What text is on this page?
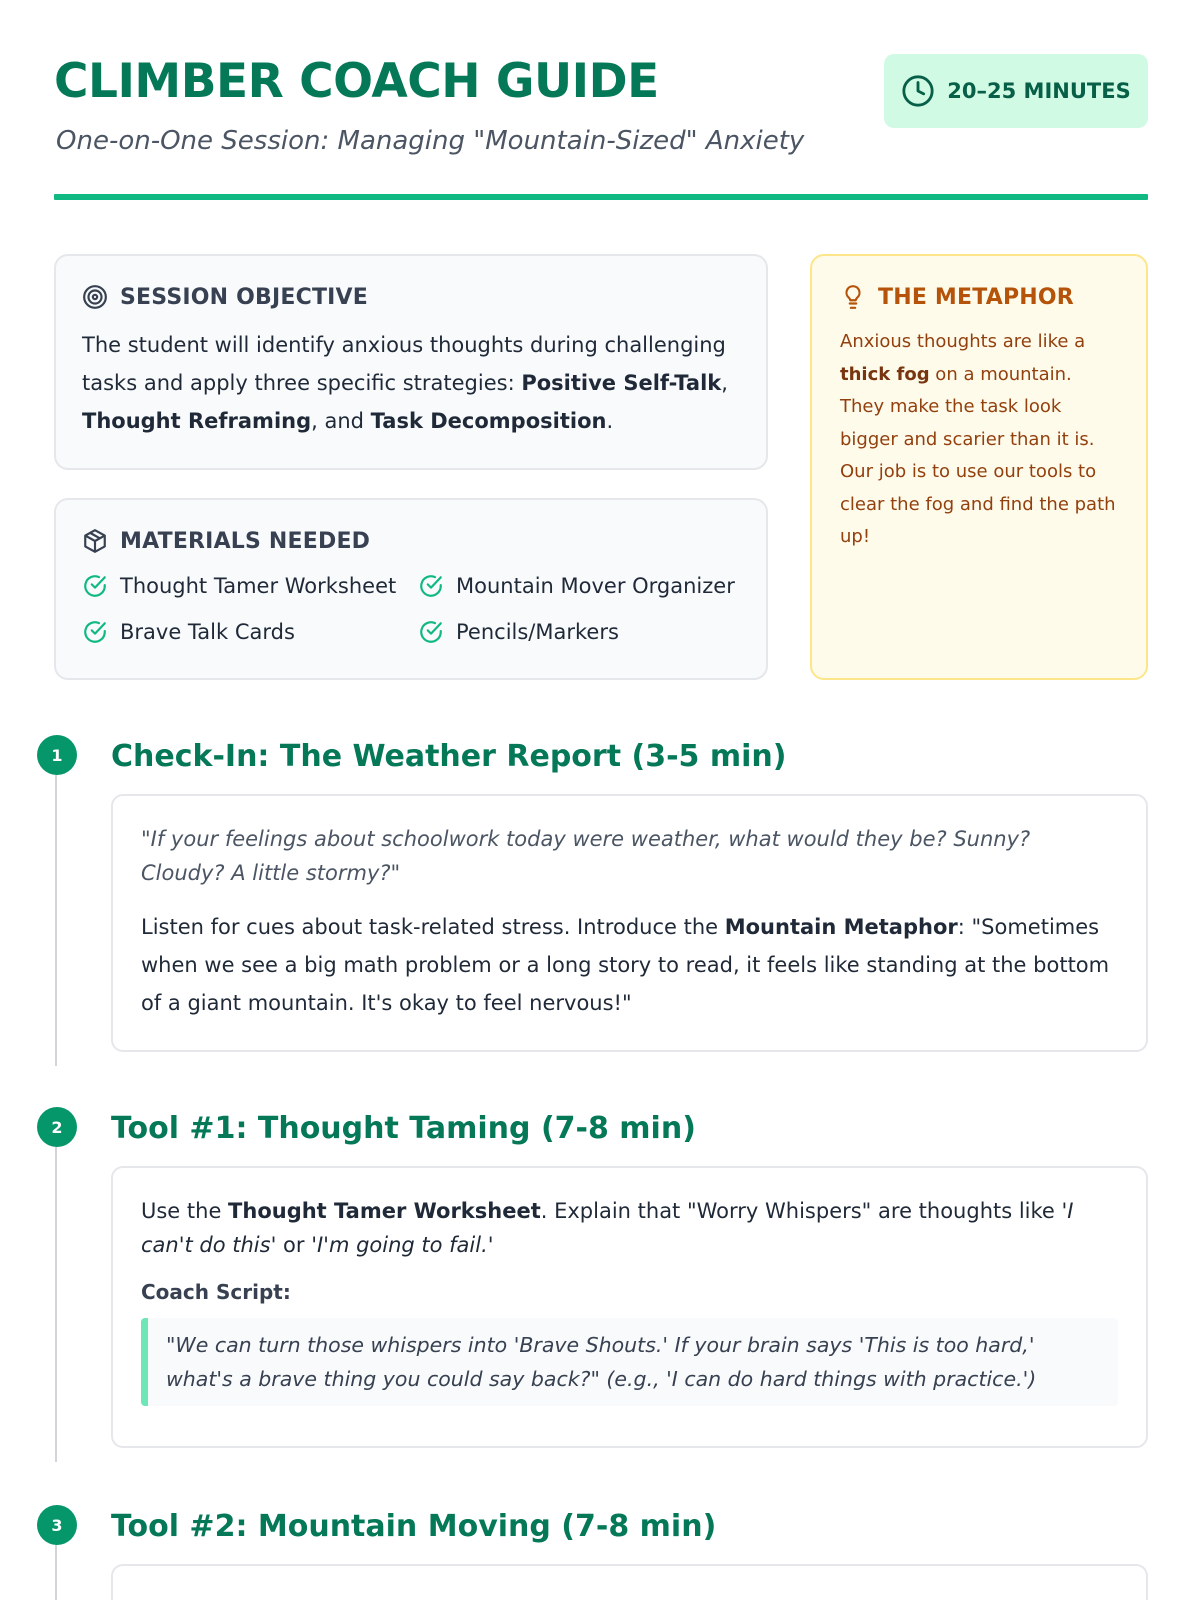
CLIMBER COACH GUIDE
One-on-One Session: Managing "Mountain-Sized" Anxiety
20–25 MINUTES
SESSION OBJECTIVE
The student will identify anxious thoughts during challenging tasks and apply three specific strategies: Positive Self-Talk, Thought Reframing, and Task Decomposition.
MATERIALS NEEDED
Thought Tamer Worksheet	Mountain Mover Organizer
Brave Talk Cards	Pencils/Markers
THE METAPHOR
Anxious thoughts are like a thick fog on a mountain. They make the task look bigger and scarier than it is. Our job is to use our tools to clear the fog and find the path up!
1	Check-In: The Weather Report (3-5 min)
"If your feelings about schoolwork today were weather, what would they be? Sunny? Cloudy? A little stormy?"
Listen for cues about task-related stress. Introduce the Mountain Metaphor: "Sometimes when we see a big math problem or a long story to read, it feels like standing at the bottom of a giant mountain. It's okay to feel nervous!"
2	Tool #1: Thought Taming (7-8 min)
Use the Thought Tamer Worksheet. Explain that "Worry Whispers" are thoughts like 'I can't do this' or 'I'm going to fail.'
Coach Script:
"We can turn those whispers into 'Brave Shouts.' If your brain says 'This is too hard,' what's a brave thing you could say back?" (e.g., 'I can do hard things with practice.')
3	Tool #2: Mountain Moving (7-8 min)
